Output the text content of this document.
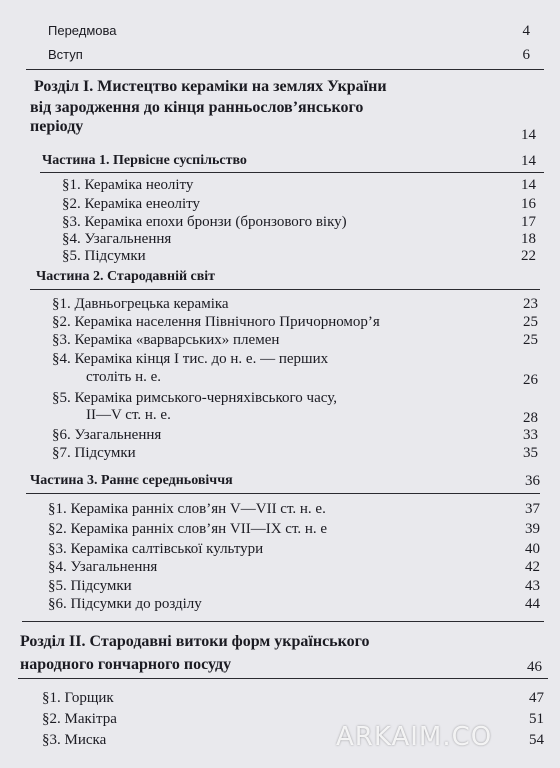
Передмова	4
Вступ	6
Розділ І. Мистецтво кераміки на землях України
від зародження до кінця ранньослов’янського
періоду	14
Частина 1. Первісне суспільство	14
§1. Кераміка неоліту	14
§2. Кераміка енеоліту	16
§3. Кераміка епохи бронзи (бронзового віку)	17
§4. Узагальнення	18
§5. Підсумки	22
Частина 2. Стародавній світ
§1. Давньогрецька кераміка	23
§2. Кераміка населення Північного Причорномор’я	25
§3. Кераміка «варварських» племен	25
§4. Кераміка кінця І тис. до н. е. — перших
століть н. е.	26
§5. Кераміка римського-черняхівського часу,
ІІ—V ст. н. е.	28
§6. Узагальнення	33
§7. Підсумки	35
Частина 3. Раннє середньовіччя	36
§1. Кераміка ранніх слов’ян V—VII ст. н. е.	37
§2. Кераміка ранніх слов’ян VII—IX ст. н. е	39
§3. Кераміка салтівської культури	40
§4. Узагальнення	42
§5. Підсумки	43
§6. Підсумки до розділу	44
Розділ ІІ. Стародавні витоки форм українського
народного гончарного посуду	46
§1. Горщик	47
§2. Макітра	51
§3. Миска	54
ARKAIM.CO
